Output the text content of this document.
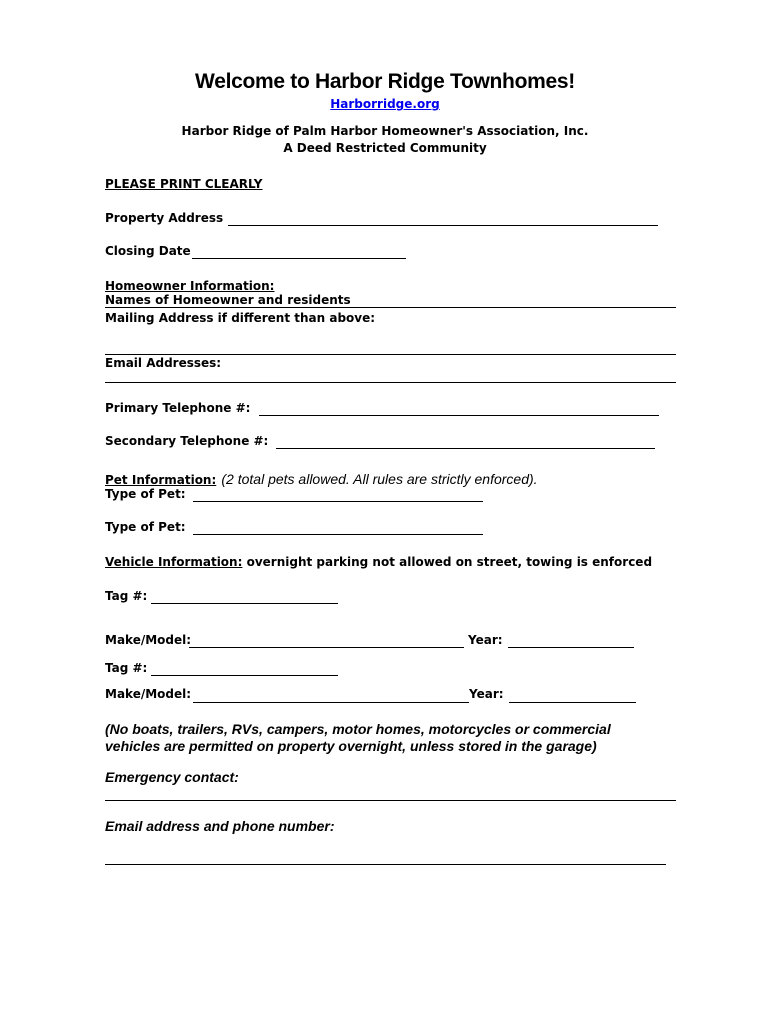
Welcome to Harbor Ridge Townhomes!
Harborridge.org
Harbor Ridge of Palm Harbor Homeowner's Association, Inc.
A Deed Restricted Community
PLEASE PRINT CLEARLY
Property Address
Closing Date
Homeowner Information:
Names of Homeowner and residents
Mailing Address if different than above:
Email Addresses:
Primary Telephone #:
Secondary Telephone #:
Pet Information: (2 total pets allowed. All rules are strictly enforced).
Type of Pet:
Type of Pet:
Vehicle Information: overnight parking not allowed on street, towing is enforced
Tag #:
Make/Model:	Year:
Tag #:
Make/Model:	Year:
(No boats, trailers, RVs, campers, motor homes, motorcycles or commercial
vehicles are permitted on property overnight, unless stored in the garage)
Emergency contact:
Email address and phone number:
